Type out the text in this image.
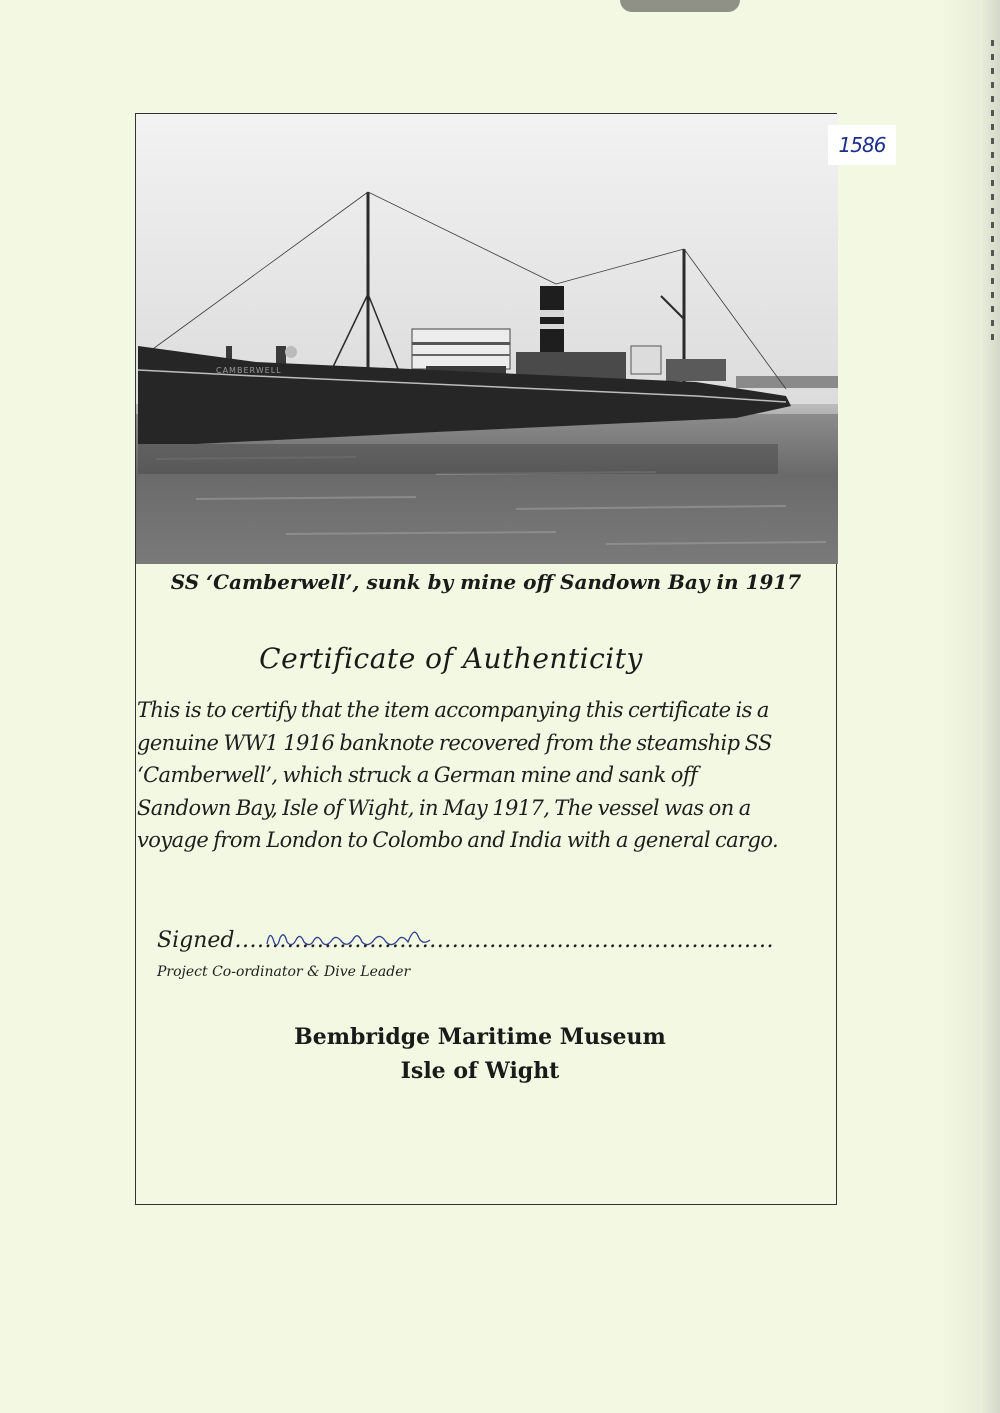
CAMBERWELL
1586
SS ‘Camberwell’, sunk by mine off Sandown Bay in 1917
Certificate of Authenticity
This is to certify that the item accompanying this certificate is a
genuine WW1 1916 banknote recovered from the steamship SS
‘Camberwell’, which struck a German mine and sank off
Sandown Bay, Isle of Wight, in May 1917, The vessel was on a
voyage from London to Colombo and India with a general cargo.
Signed........................................................................
Project Co-ordinator & Dive Leader
Bembridge Maritime Museum
Isle of Wight
